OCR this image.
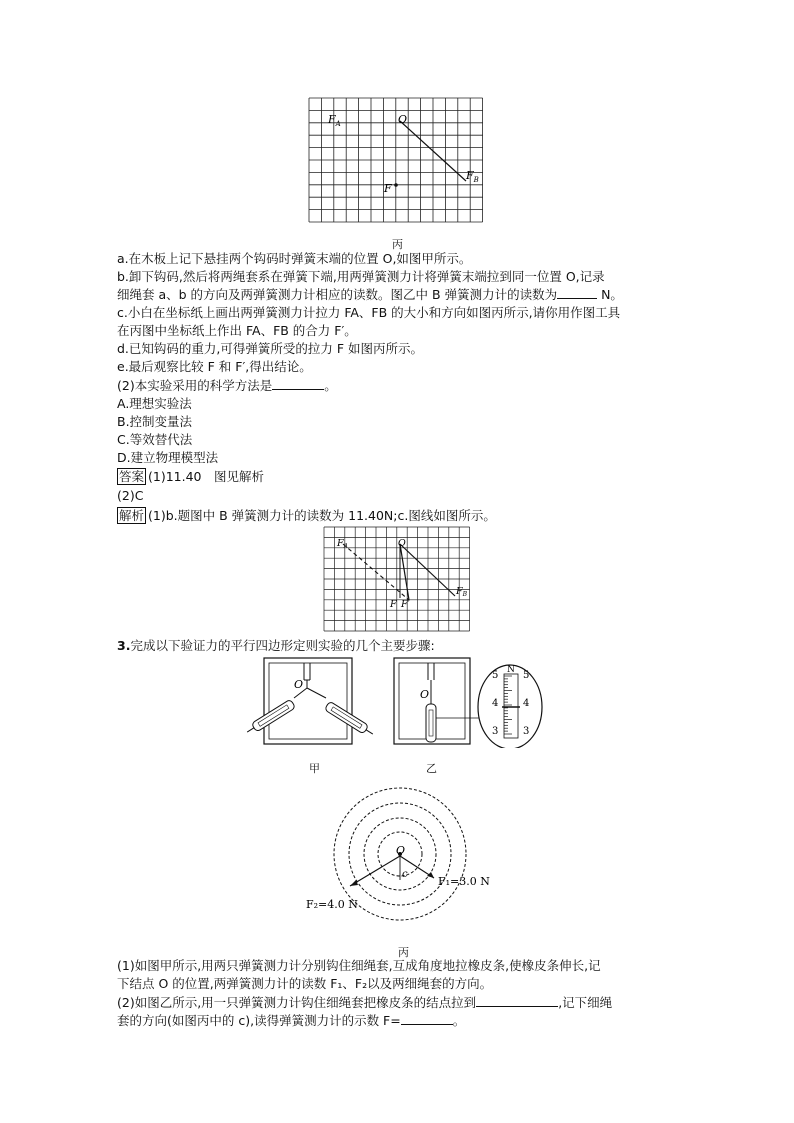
$F_A$	O
$F_B$
F
丙
a.在木板上记下悬挂两个钩码时弹簧末端的位置 O,如图甲所示。
b.卸下钩码,然后将两绳套系在弹簧下端,用两弹簧测力计将弹簧末端拉到同一位置 O,记录
细绳套 a、b 的方向及两弹簧测力计相应的读数。图乙中 B 弹簧测力计的读数为	N。
c.小白在坐标纸上画出两弹簧测力计拉力 FA、FB 的大小和方向如图丙所示,请你用作图工具
在丙图中坐标纸上作出 FA、FB 的合力 F′。
d.已知钩码的重力,可得弹簧所受的拉力 F 如图丙所示。
e.最后观察比较 F 和 F′,得出结论。
(2)本实验采用的科学方法是	。
A.理想实验法
B.控制变量法
C.等效替代法
D.建立物理模型法
答案 (1)11.40　图见解析
(2)C
解析 (1)b.题图中 B 弹簧测力计的读数为 11.40N;c.图线如图所示。
$F_A$	O
$F_B$
F F′
3.完成以下验证力的平行四边形定则实验的几个主要步骤:
O
甲
O
N
5 5
4 4
3 3
乙
O
c
F₁=3.0 N
F₂=4.0 N
丙
(1)如图甲所示,用两只弹簧测力计分别钩住细绳套,互成角度地拉橡皮条,使橡皮条伸长,记
下结点 O 的位置,两弹簧测力计的读数 F₁、F₂以及两细绳套的方向。
(2)如图乙所示,用一只弹簧测力计钩住细绳套把橡皮条的结点拉到	,记下细绳
套的方向(如图丙中的 c),读得弹簧测力计的示数 F=	。
